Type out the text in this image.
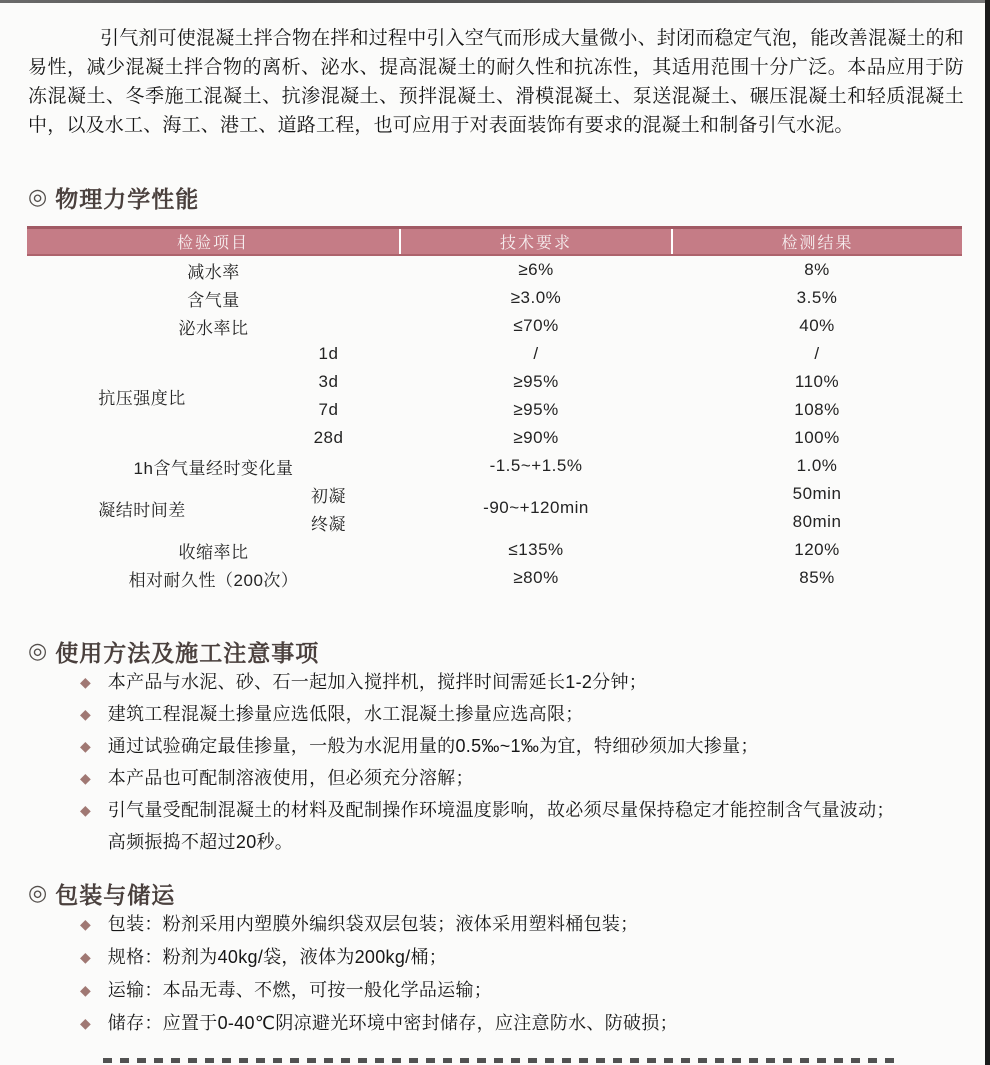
引气剂可使混凝土拌合物在拌和过程中引入空气而形成大量微小、封闭而稳定气泡，能改善混凝土的和易性，减少混凝土拌合物的离析、泌水、提高混凝土的耐久性和抗冻性，其适用范围十分广泛。本品应用于防冻混凝土、冬季施工混凝土、抗渗混凝土、预拌混凝土、滑模混凝土、泵送混凝土、碾压混凝土和轻质混凝土中，以及水工、海工、港工、道路工程，也可应用于对表面装饰有要求的混凝土和制备引气水泥。

◎ 物理力学性能
检验项目		技术要求	检测结果
减水率		≥6%	8%
含气量		≥3.0%	3.5%
泌水率比		≤70%	40%
抗压强度比	1d	/	/
	3d	≥95%	110%
	7d	≥95%	108%
	28d	≥90%	100%
1h含气量经时变化量		-1.5~+1.5%	1.0%
凝结时间差	初凝	-90~+120min	50min
	终凝		80min
收缩率比		≤135%	120%
相对耐久性（200次）		≥80%	85%
◎ 使用方法及施工注意事项
◆ 本产品与水泥、砂、石一起加入搅拌机，搅拌时间需延长1-2分钟；
◆ 建筑工程混凝土掺量应选低限，水工混凝土掺量应选高限；
◆ 通过试验确定最佳掺量，一般为水泥用量的0.5‰~1‰为宜，特细砂须加大掺量；
◆ 本产品也可配制溶液使用，但必须充分溶解；
◆ 引气量受配制混凝土的材料及配制操作环境温度影响，故必须尽量保持稳定才能控制含气量波动；
高频振捣不超过20秒。
◎ 包装与储运
◆ 包装：粉剂采用内塑膜外编织袋双层包装；液体采用塑料桶包装；
◆ 规格：粉剂为40kg/袋，液体为200kg/桶；
◆ 运输：本品无毒、不燃，可按一般化学品运输；
◆ 储存：应置于0-40℃阴凉避光环境中密封储存，应注意防水、防破损；
